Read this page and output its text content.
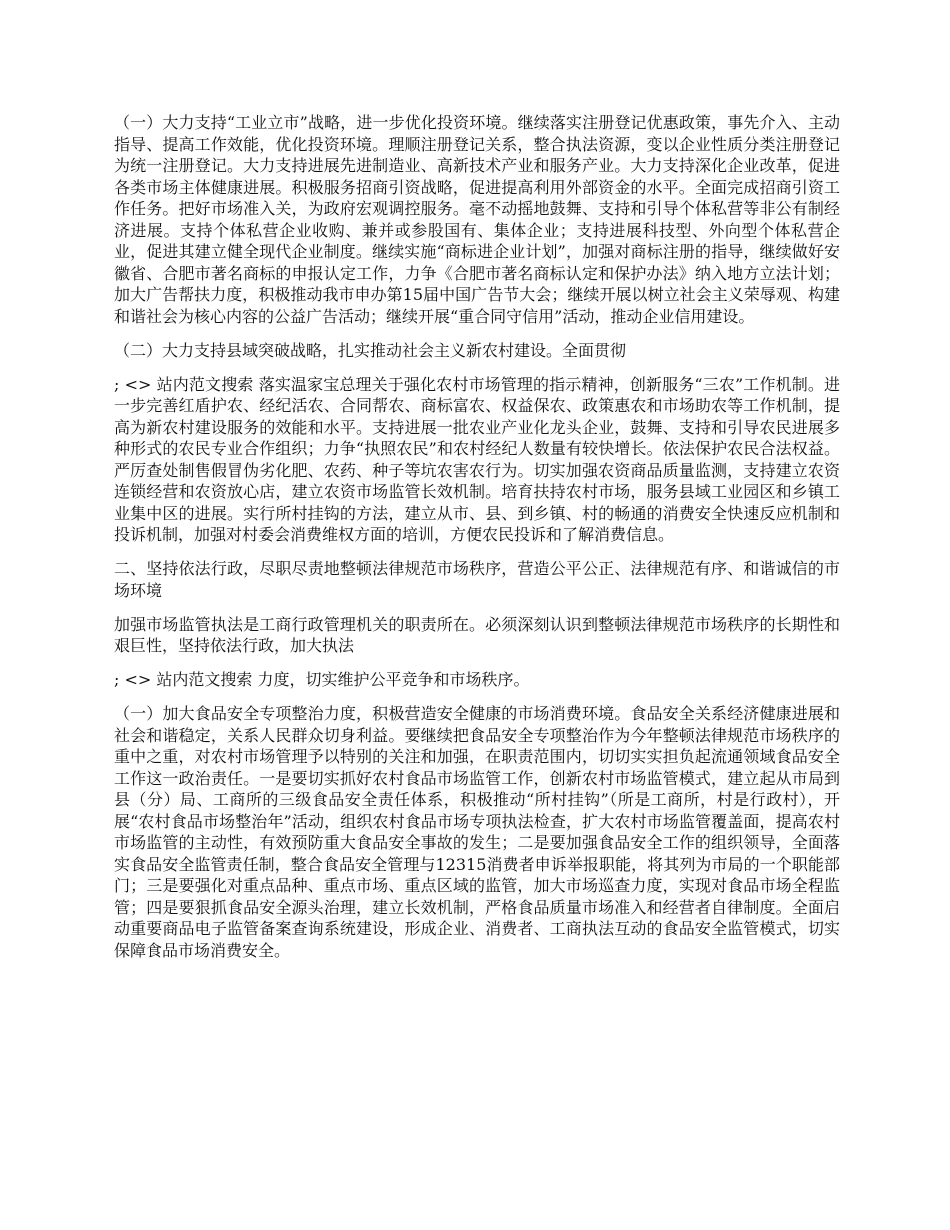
（一）大力支持“工业立市”战略，进一步优化投资环境。继续落实注册登记优惠政策，事先介入、主动指导、提高工作效能，优化投资环境。理顺注册登记关系，整合执法资源，变以企业性质分类注册登记为统一注册登记。大力支持进展先进制造业、高新技术产业和服务产业。大力支持深化企业改革，促进各类市场主体健康进展。积极服务招商引资战略，促进提高利用外部资金的水平。全面完成招商引资工作任务。把好市场准入关，为政府宏观调控服务。毫不动摇地鼓舞、支持和引导个体私营等非公有制经济进展。支持个体私营企业收购、兼并或参股国有、集体企业；支持进展科技型、外向型个体私营企业，促进其建立健全现代企业制度。继续实施“商标进企业计划”，加强对商标注册的指导，继续做好安徽省、合肥市著名商标的申报认定工作，力争《合肥市著名商标认定和保护办法》纳入地方立法计划；加大广告帮扶力度，积极推动我市申办第15届中国广告节大会；继续开展以树立社会主义荣辱观、构建和谐社会为核心内容的公益广告活动；继续开展“重合同守信用”活动，推动企业信用建设。

（二）大力支持县域突破战略，扎实推动社会主义新农村建设。全面贯彻

; <> 站内范文搜索 落实温家宝总理关于强化农村市场管理的指示精神，创新服务“三农”工作机制。进一步完善红盾护农、经纪活农、合同帮农、商标富农、权益保农、政策惠农和市场助农等工作机制，提高为新农村建设服务的效能和水平。支持进展一批农业产业化龙头企业，鼓舞、支持和引导农民进展多种形式的农民专业合作组织；力争“执照农民”和农村经纪人数量有较快增长。依法保护农民合法权益。严厉查处制售假冒伪劣化肥、农药、种子等坑农害农行为。切实加强农资商品质量监测，支持建立农资连锁经营和农资放心店，建立农资市场监管长效机制。培育扶持农村市场，服务县域工业园区和乡镇工业集中区的进展。实行所村挂钩的方法，建立从市、县、到乡镇、村的畅通的消费安全快速反应机制和投诉机制，加强对村委会消费维权方面的培训，方便农民投诉和了解消费信息。

二、坚持依法行政，尽职尽责地整顿法律规范市场秩序，营造公平公正、法律规范有序、和谐诚信的市场环境

加强市场监管执法是工商行政管理机关的职责所在。必须深刻认识到整顿法律规范市场秩序的长期性和艰巨性，坚持依法行政，加大执法

; <> 站内范文搜索 力度，切实维护公平竞争和市场秩序。

（一）加大食品安全专项整治力度，积极营造安全健康的市场消费环境。食品安全关系经济健康进展和社会和谐稳定，关系人民群众切身利益。要继续把食品安全专项整治作为今年整顿法律规范市场秩序的重中之重，对农村市场管理予以特别的关注和加强，在职责范围内，切切实实担负起流通领域食品安全工作这一政治责任。一是要切实抓好农村食品市场监管工作，创新农村市场监管模式，建立起从市局到县（分）局、工商所的三级食品安全责任体系，积极推动“所村挂钩”（所是工商所，村是行政村），开展“农村食品市场整治年”活动，组织农村食品市场专项执法检查，扩大农村市场监管覆盖面，提高农村市场监管的主动性，有效预防重大食品安全事故的发生；二是要加强食品安全工作的组织领导，全面落实食品安全监管责任制，整合食品安全管理与12315消费者申诉举报职能，将其列为市局的一个职能部门；三是要强化对重点品种、重点市场、重点区域的监管，加大市场巡查力度，实现对食品市场全程监管；四是要狠抓食品安全源头治理，建立长效机制，严格食品质量市场准入和经营者自律制度。全面启动重要商品电子监管备案查询系统建设，形成企业、消费者、工商执法互动的食品安全监管模式，切实保障食品市场消费安全。
